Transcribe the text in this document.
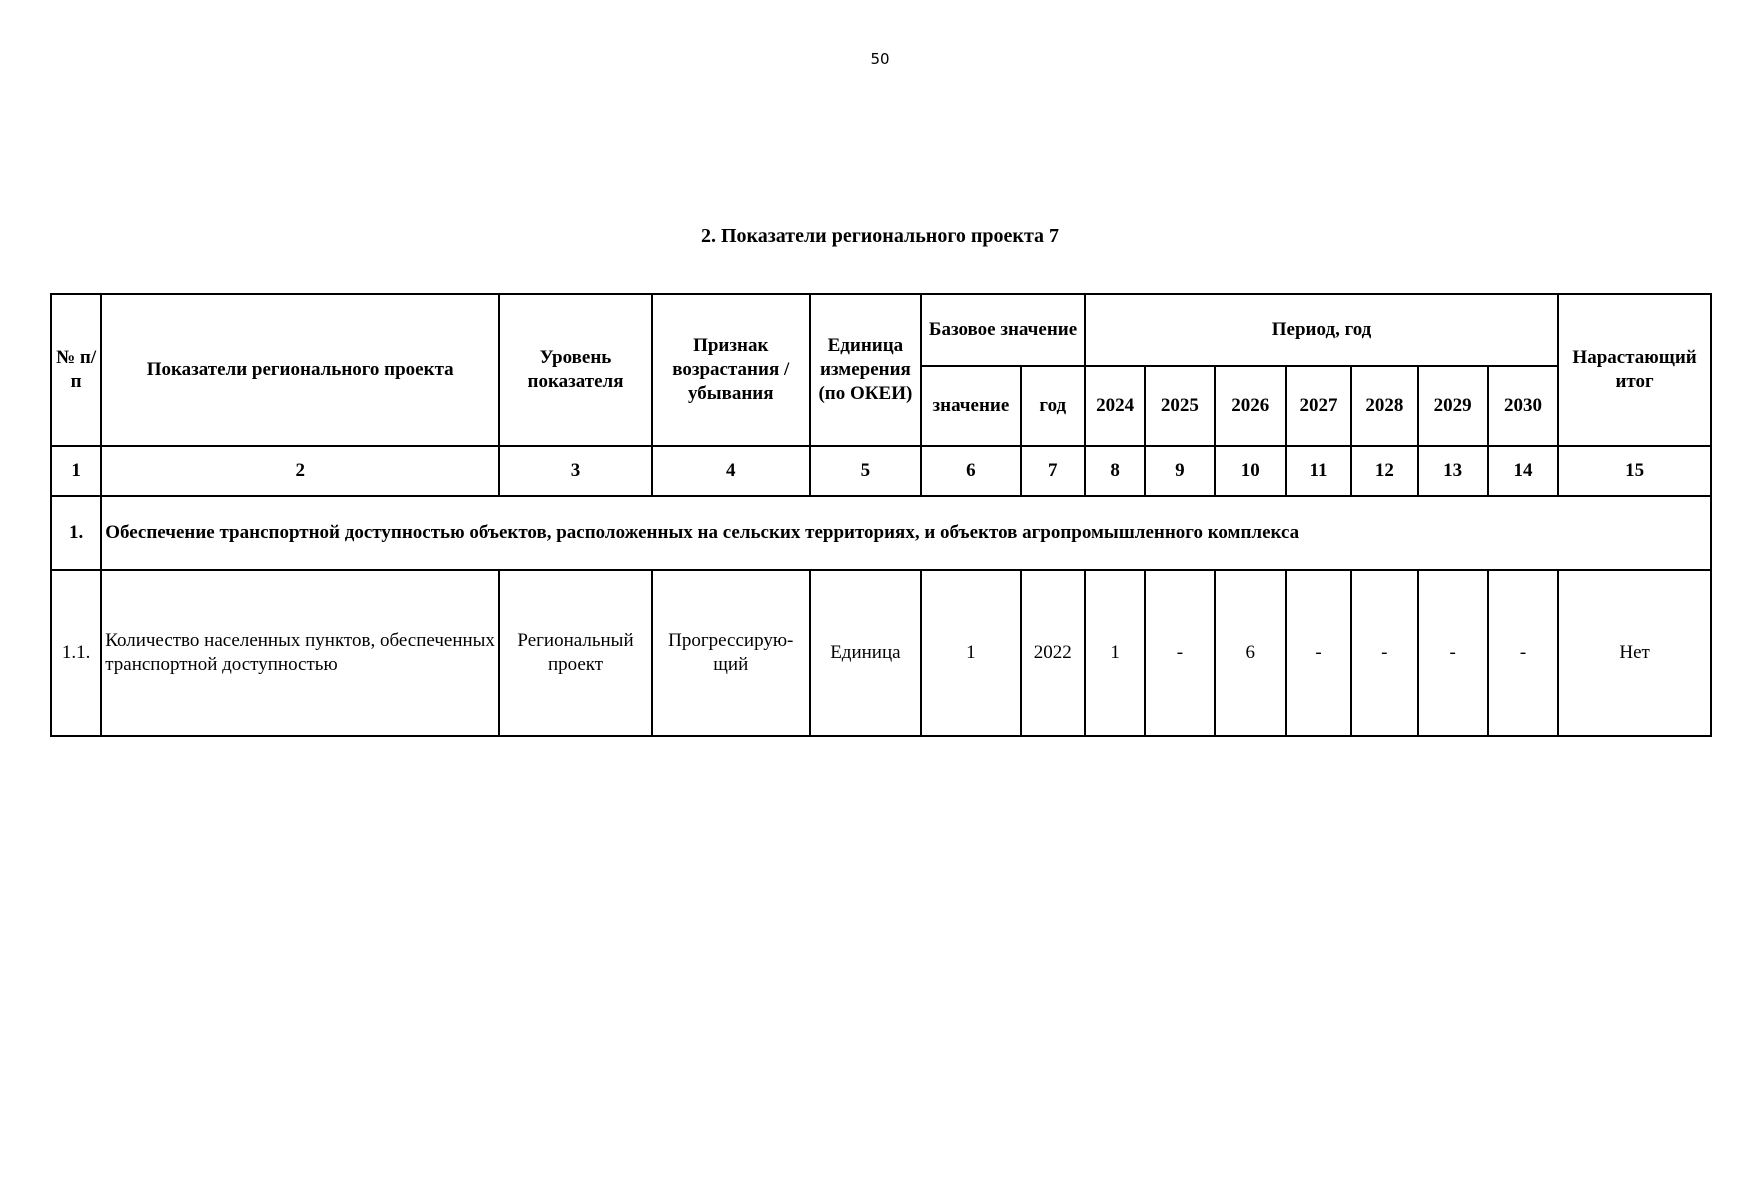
50
2. Показатели регионального проекта 7
№ п/п	Показатели регионального проекта	Уровень показателя	Признак возрастания / убывания	Единица измерения (по ОКЕИ)	Базовое значение		Период, год							Нарастающий итог
					значение	год	2024	2025	2026	2027	2028	2029	2030	
1	2	3	4	5	6	7	8	9	10	11	12	13	14	15
1.	Обеспечение транспортной доступностью объектов, расположенных на сельских территориях, и объектов агропромышленного комплекса													
1.1.	Количество населенных пунктов, обеспеченных транспортной доступностью	Региональный проект	Прогрессирую-щий	Единица	1	2022	1	-	6	-	-	-	-	Нет
